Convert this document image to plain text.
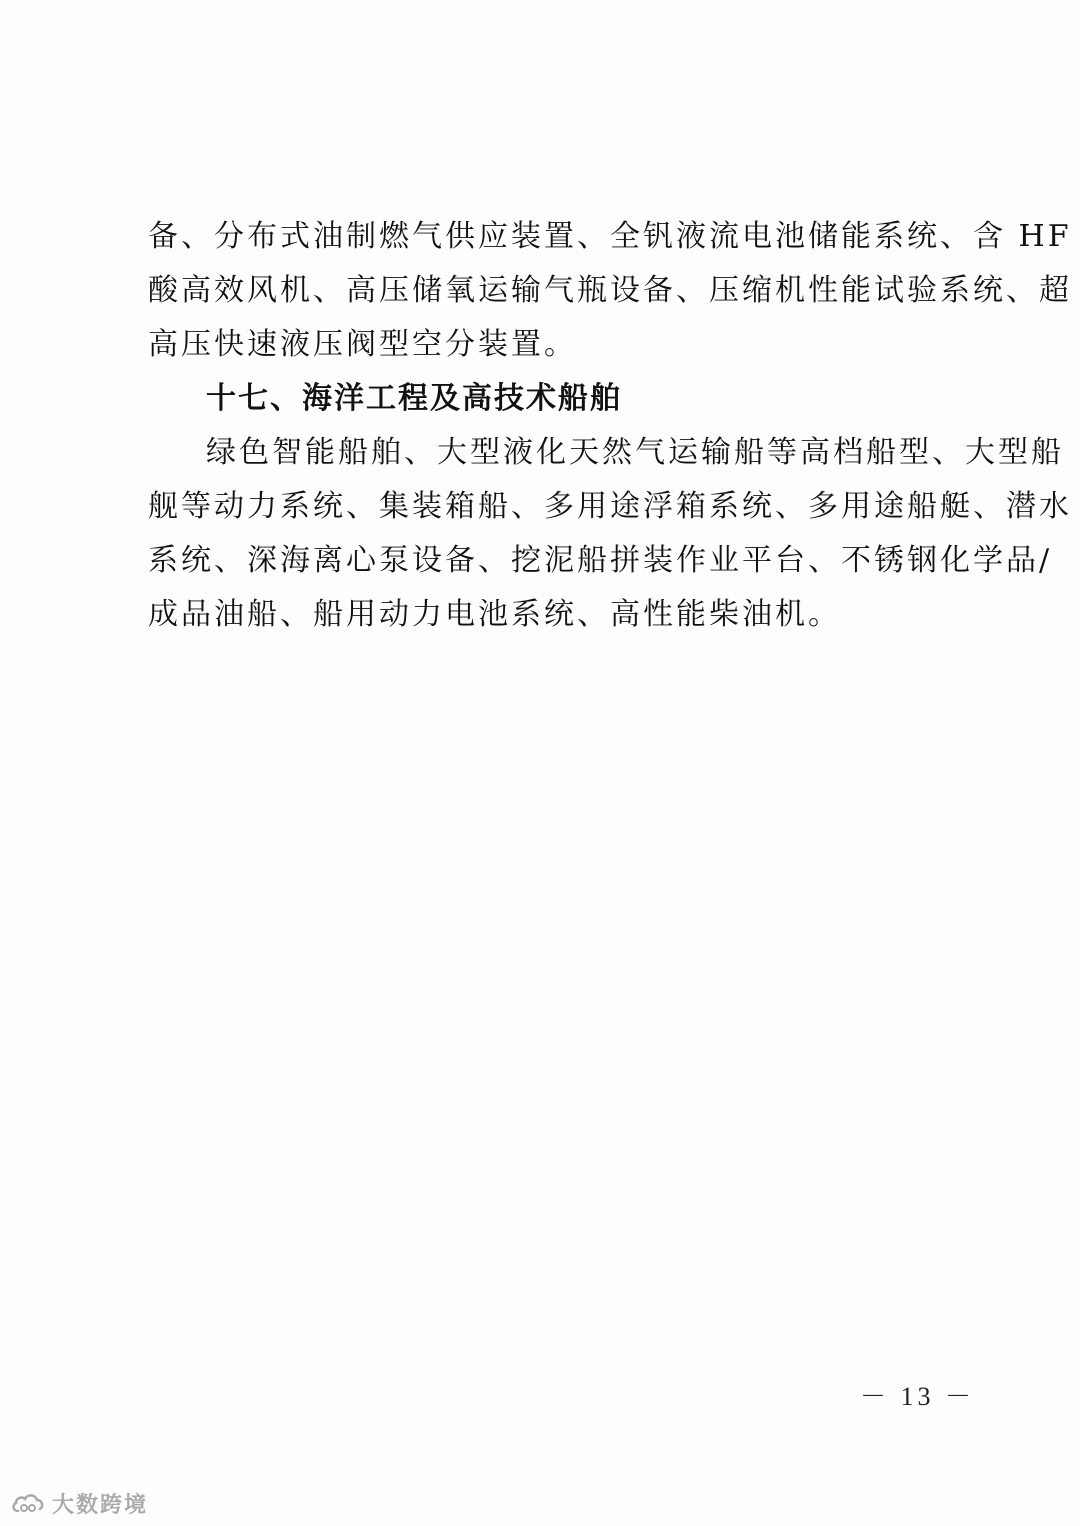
备、分布式油制燃气供应装置、全钒液流电池储能系统、含 HF
酸高效风机、高压储氧运输气瓶设备、压缩机性能试验系统、超
高压快速液压阀型空分装置。
十七、海洋工程及高技术船舶
绿色智能船舶、大型液化天然气运输船等高档船型、大型船
舰等动力系统、集装箱船、多用途浮箱系统、多用途船艇、潜水
系统、深海离心泵设备、挖泥船拼装作业平台、不锈钢化学品/
成品油船、船用动力电池系统、高性能柴油机。
－ 13 －
大数跨境
